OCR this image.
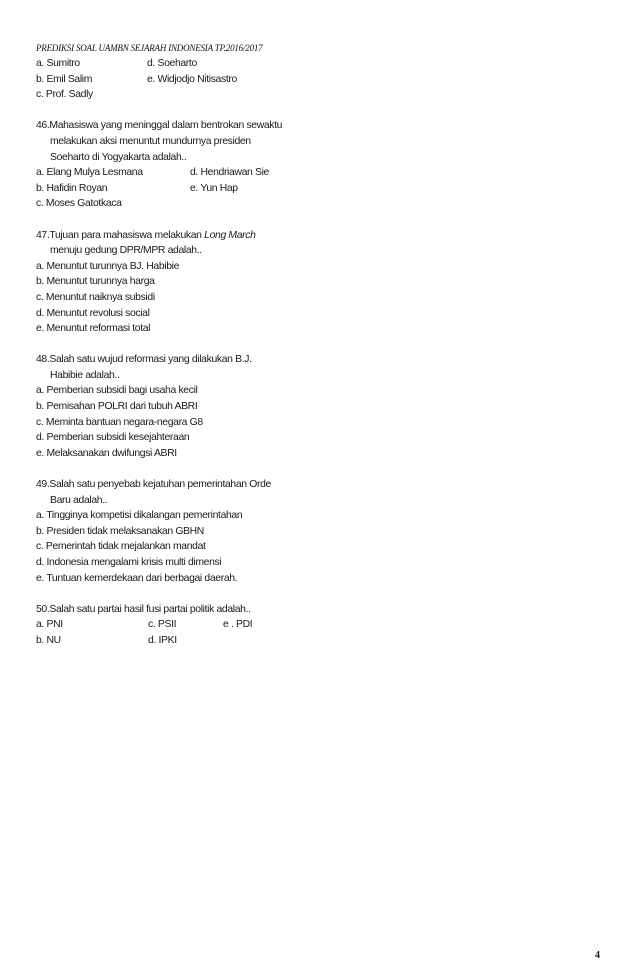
PREDIKSI SOAL UAMBN SEJARAH INDONESIA TP.2016/2017
a. Sumitro	d. Soeharto
b. Emil Salim	e. Widjodjo Nitisastro
c. Prof. Sadly
46.Mahasiswa yang meninggal dalam bentrokan sewaktu
melakukan aksi menuntut mundurnya presiden
Soeharto di Yogyakarta adalah..
a. Elang Mulya Lesmana	d. Hendriawan Sie
b. Hafidin Royan	e. Yun Hap
c. Moses Gatotkaca
47.Tujuan para mahasiswa melakukan Long March
menuju gedung DPR/MPR adalah..
a. Menuntut turunnya BJ. Habibie
b. Menuntut turunnya harga
c. Menuntut naiknya subsidi
d. Menuntut revolusi social
e. Menuntut reformasi total
48.Salah satu wujud reformasi yang dilakukan B.J.
Habibie adalah..
a. Pemberian subsidi bagi usaha kecil
b. Pemisahan POLRI dari tubuh ABRI
c. Meminta bantuan negara-negara G8
d. Pemberian subsidi kesejahteraan
e. Melaksanakan dwifungsi ABRI
49.Salah satu penyebab kejatuhan pemerintahan Orde
Baru adalah..
a. Tingginya kompetisi dikalangan pemerintahan
b. Presiden tidak melaksanakan GBHN
c. Pemerintah tidak mejalankan mandat
d. Indonesia mengalami krisis multi dimensi
e. Tuntuan kemerdekaan dari berbagai daerah.
50.Salah satu partai hasil fusi partai politik adalah..
a. PNI	c. PSII	e . PDI
b. NU	d. IPKI
4
